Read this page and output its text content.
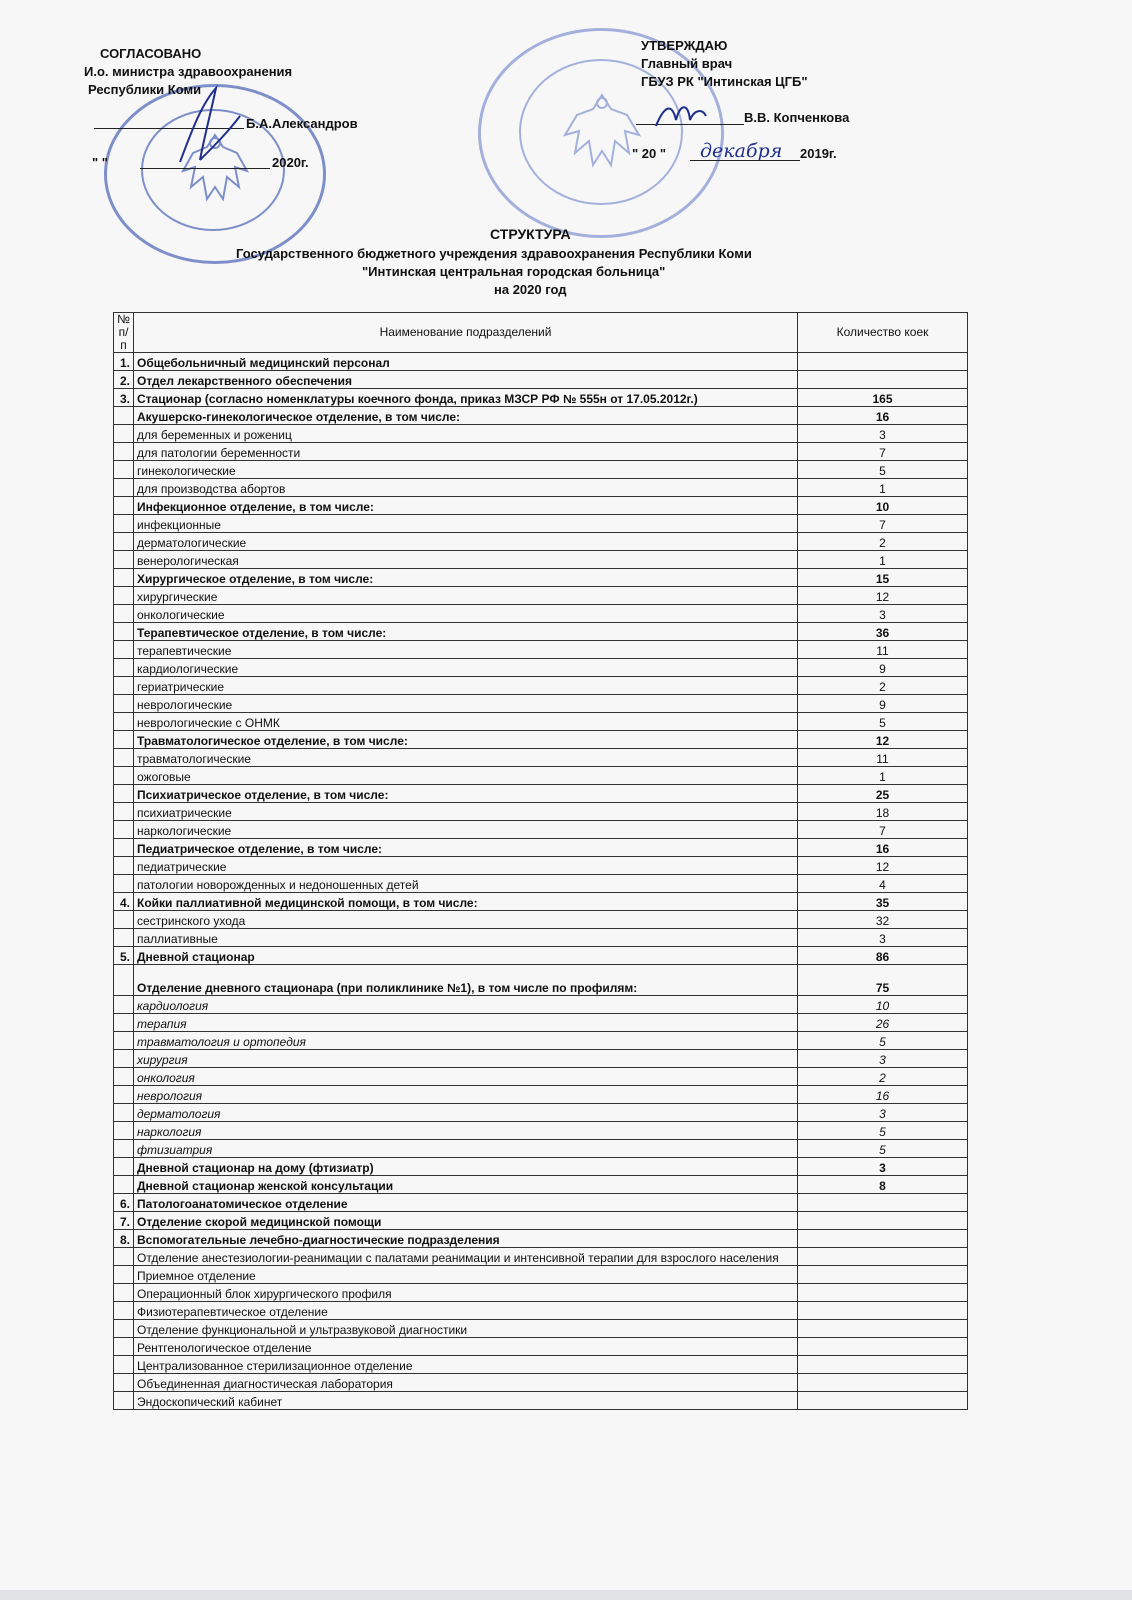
СОГЛАСОВАНО
И.о. министра здравоохранения
Республики Коми
Б.А.Александров
" "	2020г.
УТВЕРЖДАЮ
Главный врач
ГБУЗ РК "Интинская ЦГБ"
В.В. Копченкова
" 20 " декабря 2019г.
СТРУКТУРА
Государственного бюджетного учреждения здравоохранения Республики Коми
"Интинская центральная городская больница"
на 2020 год
№ п/п	Наименование подразделений	Количество коек
1.	Общебольничный медицинский персонал	
2.	Отдел лекарственного обеспечения	
3.	Стационар (согласно номенклатуры коечного фонда, приказ МЗСР РФ № 555н от 17.05.2012г.)	165
	Акушерско-гинекологическое отделение, в том числе:	16
	для беременных и рожениц	3
	для патологии беременности	7
	гинекологические	5
	для производства абортов	1
	Инфекционное отделение, в том числе:	10
	инфекционные	7
	дерматологические	2
	венерологическая	1
	Хирургическое отделение, в том числе:	15
	хирургические	12
	онкологические	3
	Терапевтическое отделение, в том числе:	36
	терапевтические	11
	кардиологические	9
	гериатрические	2
	неврологические	9
	неврологические с ОНМК	5
	Травматологическое отделение, в том числе:	12
	травматологические	11
	ожоговые	1
	Психиатрическое отделение, в том числе:	25
	психиатрические	18
	наркологические	7
	Педиатрическое отделение, в том числе:	16
	педиатрические	12
	патологии новорожденных и недоношенных детей	4
4.	Койки паллиативной медицинской помощи, в том числе:	35
	сестринского ухода	32
	паллиативные	3
5.	Дневной стационар	86
	Отделение дневного стационара (при поликлинике №1), в том числе по профилям:	75
	кардиология	10
	терапия	26
	травматология и ортопедия	5
	хирургия	3
	онкология	2
	неврология	16
	дерматология	3
	наркология	5
	фтизиатрия	5
	Дневной стационар на дому (фтизиатр)	3
	Дневной стационар женской консультации	8
6.	Патологоанатомическое отделение	
7.	Отделение скорой медицинской помощи	
8.	Вспомогательные лечебно-диагностические подразделения	
	Отделение анестезиологии-реанимации с палатами реанимации и интенсивной терапии для взрослого населения	
	Приемное отделение	
	Операционный блок хирургического профиля	
	Физиотерапевтическое отделение	
	Отделение функциональной и ультразвуковой диагностики	
	Рентгенологическое отделение	
	Централизованное стерилизационное отделение	
	Объединенная диагностическая лаборатория	
	Эндоскопический кабинет	
